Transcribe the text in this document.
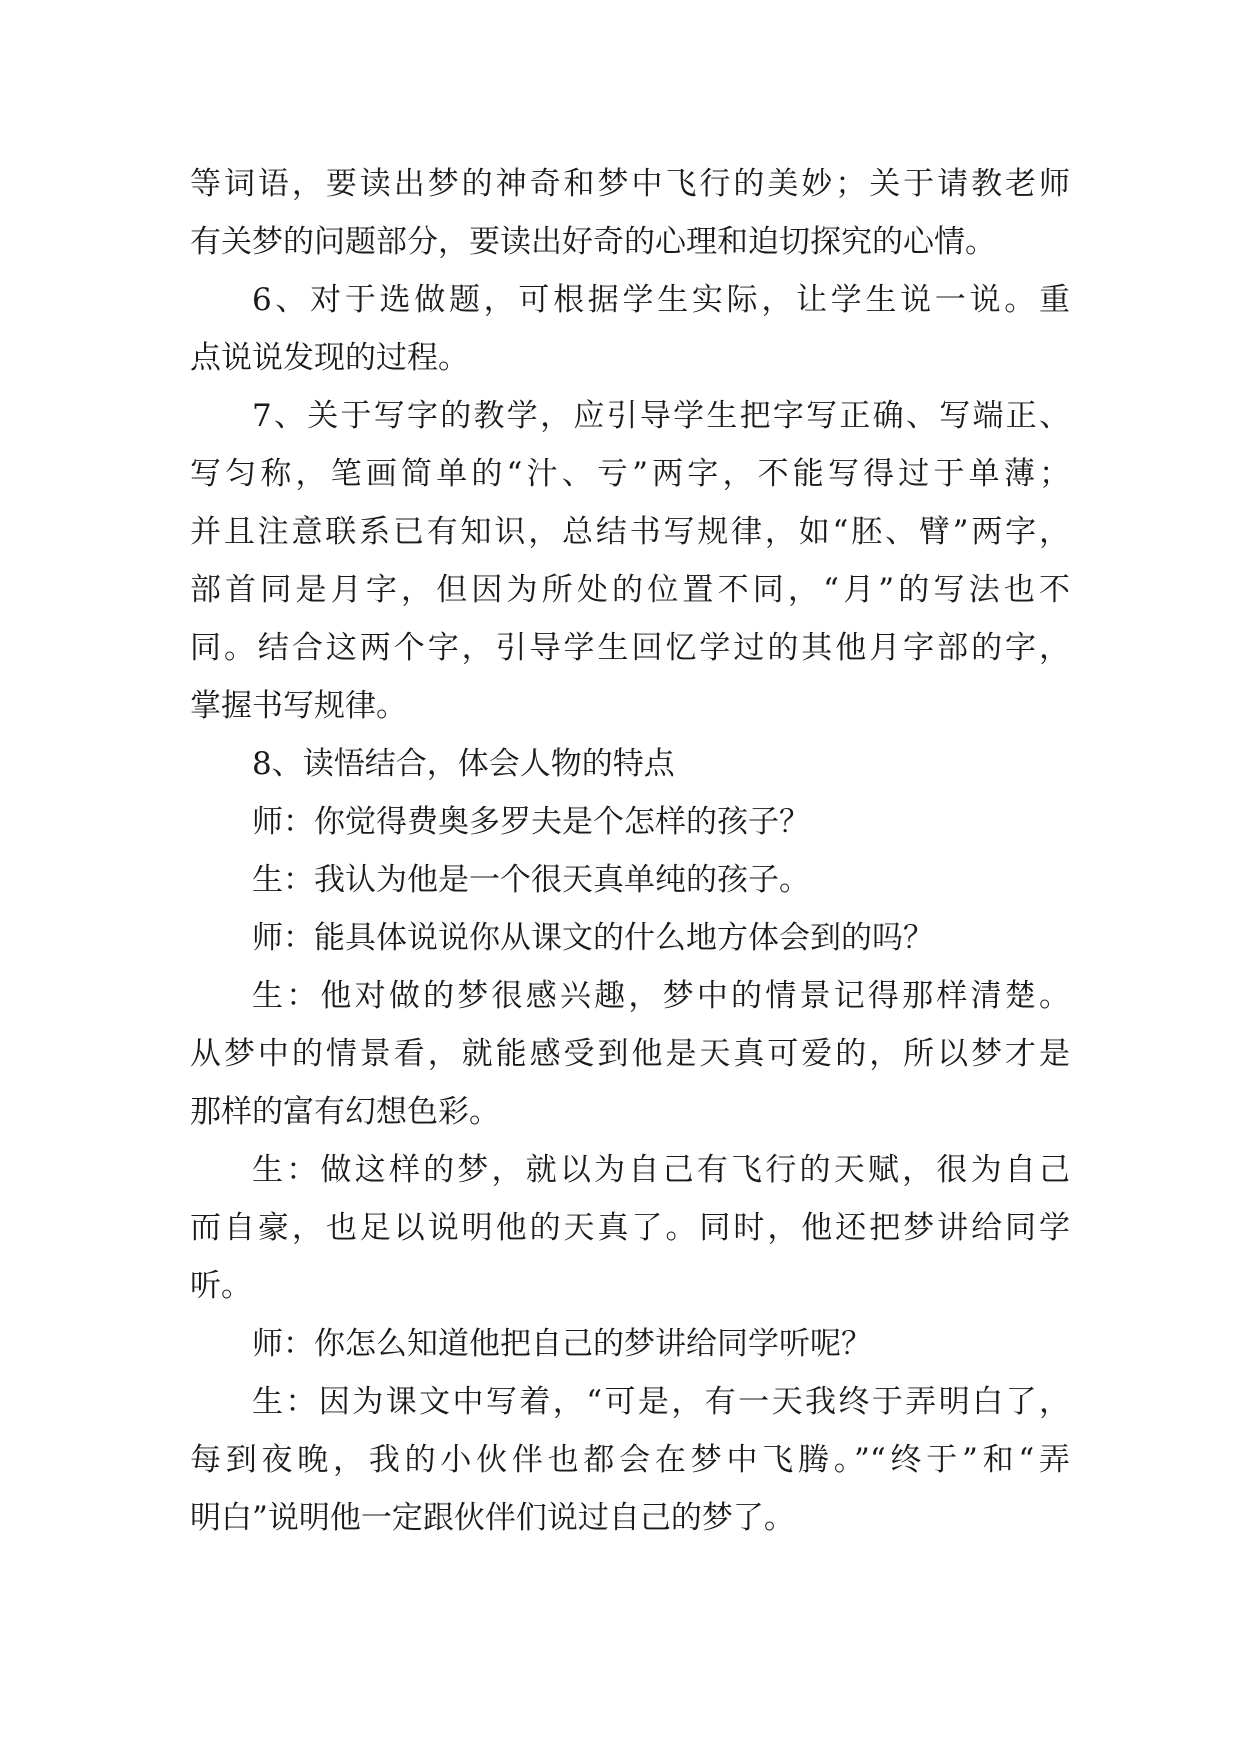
等词语，要读出梦的神奇和梦中飞行的美妙；关于请教老师
有关梦的问题部分，要读出好奇的心理和迫切探究的心情。
6、对于选做题，可根据学生实际，让学生说一说。重
点说说发现的过程。
7、关于写字的教学，应引导学生把字写正确、写端正、
写匀称，笔画简单的“汁、亏”两字，不能写得过于单薄；
并且注意联系已有知识，总结书写规律，如“胚、臂”两字，
部首同是月字，但因为所处的位置不同，“月”的写法也不
同。结合这两个字，引导学生回忆学过的其他月字部的字，
掌握书写规律。
8、读悟结合，体会人物的特点
师：你觉得费奥多罗夫是个怎样的孩子？
生：我认为他是一个很天真单纯的孩子。
师：能具体说说你从课文的什么地方体会到的吗？
生：他对做的梦很感兴趣，梦中的情景记得那样清楚。
从梦中的情景看，就能感受到他是天真可爱的，所以梦才是
那样的富有幻想色彩。
生：做这样的梦，就以为自己有飞行的天赋，很为自己
而自豪，也足以说明他的天真了。同时，他还把梦讲给同学
听。
师：你怎么知道他把自己的梦讲给同学听呢？
生：因为课文中写着，“可是，有一天我终于弄明白了，
每到夜晚，我的小伙伴也都会在梦中飞腾。”“终于”和“弄
明白”说明他一定跟伙伴们说过自己的梦了。
